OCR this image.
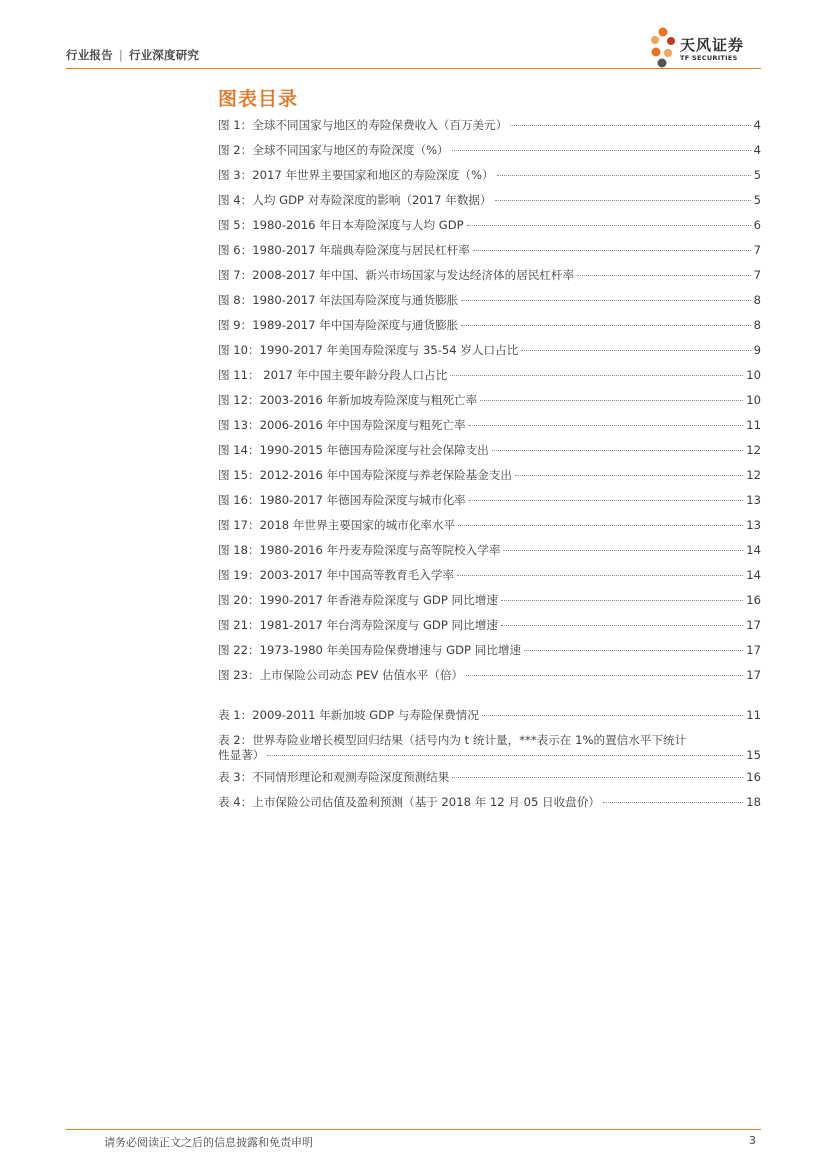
行业报告 | 行业深度研究
天风证券
TF SECURITIES
图表目录
图 1：全球不同国家与地区的寿险保费收入（百万美元）	4
图 2：全球不同国家与地区的寿险深度（%）	4
图 3：2017 年世界主要国家和地区的寿险深度（%）	5
图 4：人均 GDP 对寿险深度的影响（2017 年数据）	5
图 5：1980-2016 年日本寿险深度与人均 GDP	6
图 6：1980-2017 年瑞典寿险深度与居民杠杆率	7
图 7：2008-2017 年中国、新兴市场国家与发达经济体的居民杠杆率	7
图 8：1980-2017 年法国寿险深度与通货膨胀	8
图 9：1989-2017 年中国寿险深度与通货膨胀	8
图 10：1990-2017 年美国寿险深度与 35-54 岁人口占比	9
图 11： 2017 年中国主要年龄分段人口占比	10
图 12：2003-2016 年新加坡寿险深度与粗死亡率	10
图 13：2006-2016 年中国寿险深度与粗死亡率	11
图 14：1990-2015 年德国寿险深度与社会保障支出	12
图 15：2012-2016 年中国寿险深度与养老保险基金支出	12
图 16：1980-2017 年德国寿险深度与城市化率	13
图 17：2018 年世界主要国家的城市化率水平	13
图 18：1980-2016 年丹麦寿险深度与高等院校入学率	14
图 19：2003-2017 年中国高等教育毛入学率	14
图 20：1990-2017 年香港寿险深度与 GDP 同比增速	16
图 21：1981-2017 年台湾寿险深度与 GDP 同比增速	17
图 22：1973-1980 年美国寿险保费增速与 GDP 同比增速	17
图 23：上市保险公司动态 PEV 估值水平（倍）	17
表 1：2009-2011 年新加坡 GDP 与寿险保费情况	11
表 2：世界寿险业增长模型回归结果（括号内为 t 统计量，***表示在 1%的置信水平下统计
性显著）	15
表 3：不同情形理论和观测寿险深度预测结果	16
表 4：上市保险公司估值及盈利预测（基于 2018 年 12 月 05 日收盘价）	18
请务必阅读正文之后的信息披露和免责申明	3
